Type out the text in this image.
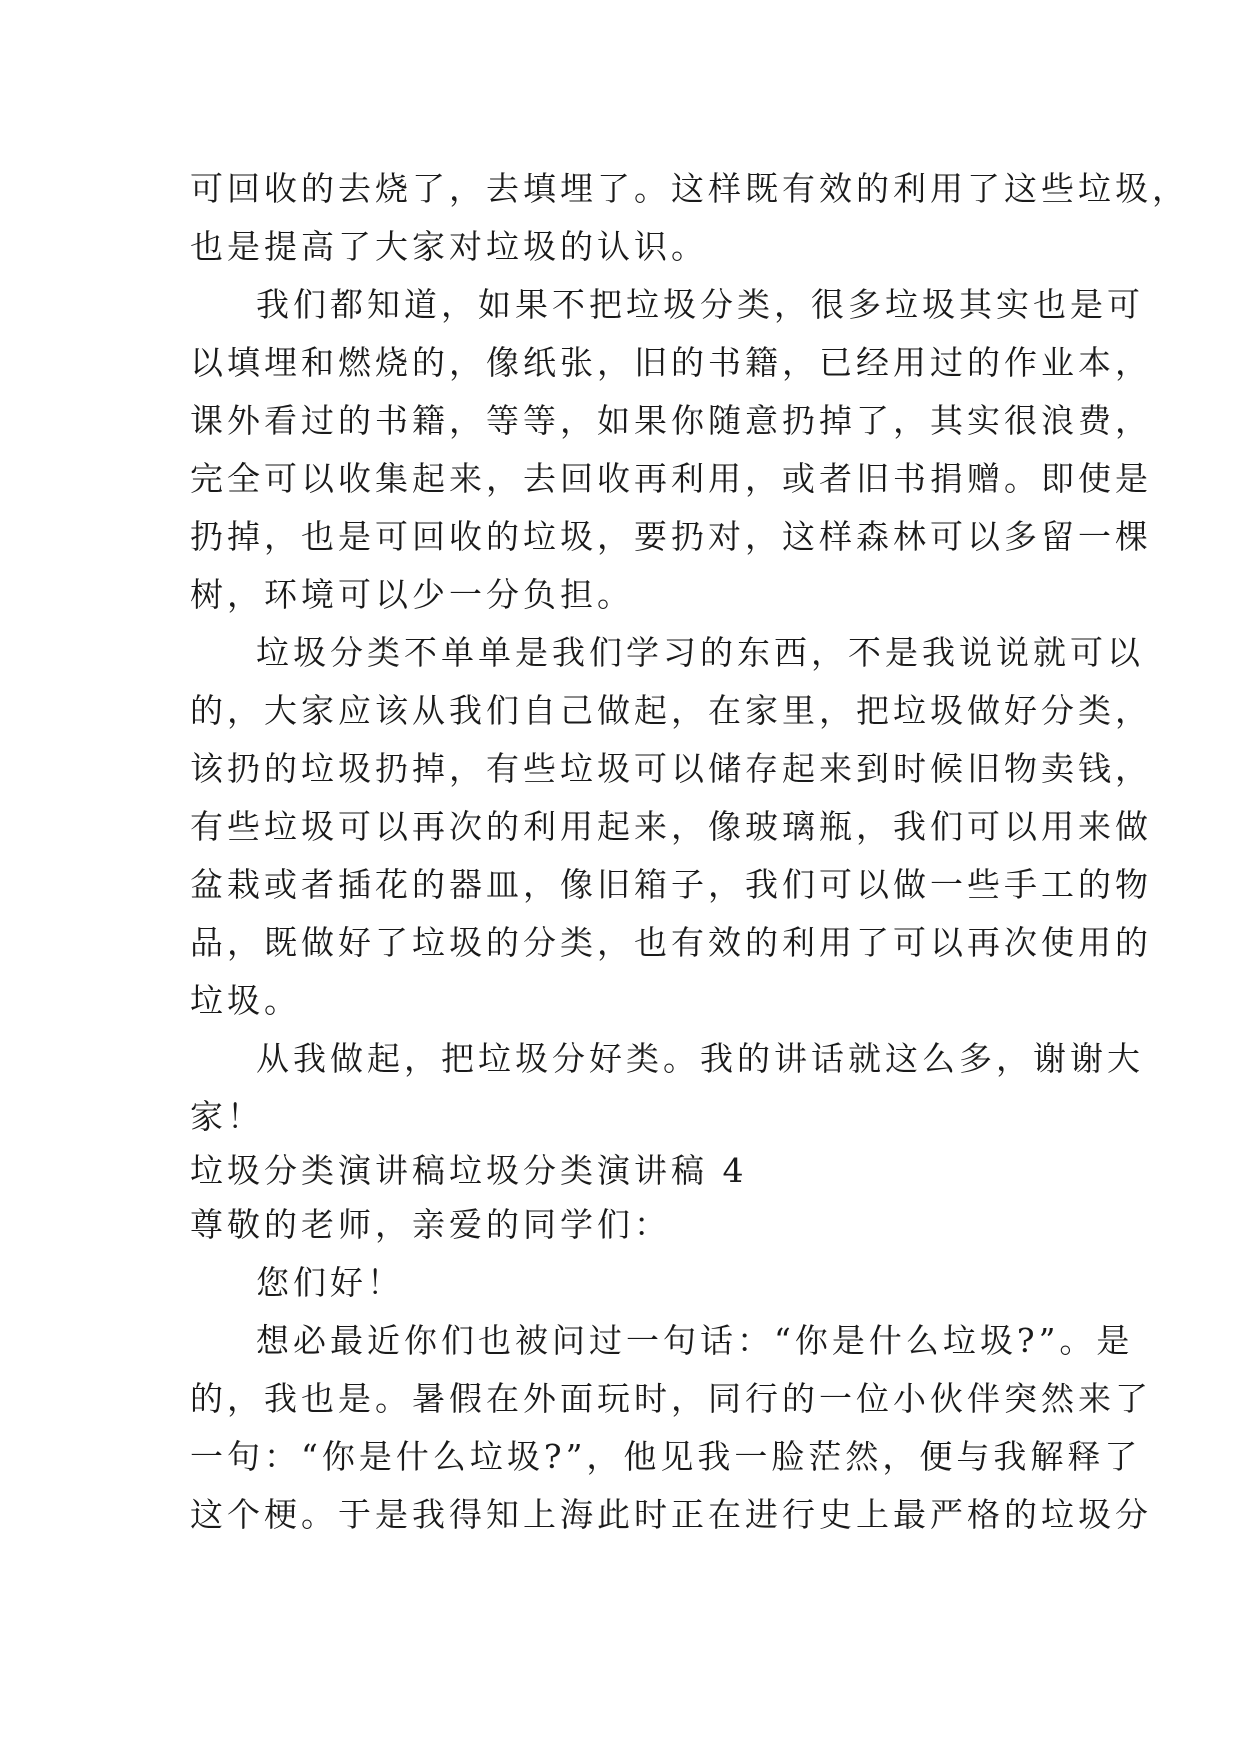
可回收的去烧了，去填埋了。这样既有效的利用了这些垃圾，
也是提高了大家对垃圾的认识。
我们都知道，如果不把垃圾分类，很多垃圾其实也是可
以填埋和燃烧的，像纸张，旧的书籍，已经用过的作业本，
课外看过的书籍，等等，如果你随意扔掉了，其实很浪费，
完全可以收集起来，去回收再利用，或者旧书捐赠。即使是
扔掉，也是可回收的垃圾，要扔对，这样森林可以多留一棵
树，环境可以少一分负担。
垃圾分类不单单是我们学习的东西，不是我说说就可以
的，大家应该从我们自己做起，在家里，把垃圾做好分类，
该扔的垃圾扔掉，有些垃圾可以储存起来到时候旧物卖钱，
有些垃圾可以再次的利用起来，像玻璃瓶，我们可以用来做
盆栽或者插花的器皿，像旧箱子，我们可以做一些手工的物
品，既做好了垃圾的分类，也有效的利用了可以再次使用的
垃圾。
从我做起，把垃圾分好类。我的讲话就这么多，谢谢大
家！
垃圾分类演讲稿垃圾分类演讲稿 4
尊敬的老师，亲爱的同学们：
您们好！
想必最近你们也被问过一句话：“你是什么垃圾?”。是
的，我也是。暑假在外面玩时，同行的一位小伙伴突然来了
一句：“你是什么垃圾?”，他见我一脸茫然，便与我解释了
这个梗。于是我得知上海此时正在进行史上最严格的垃圾分
